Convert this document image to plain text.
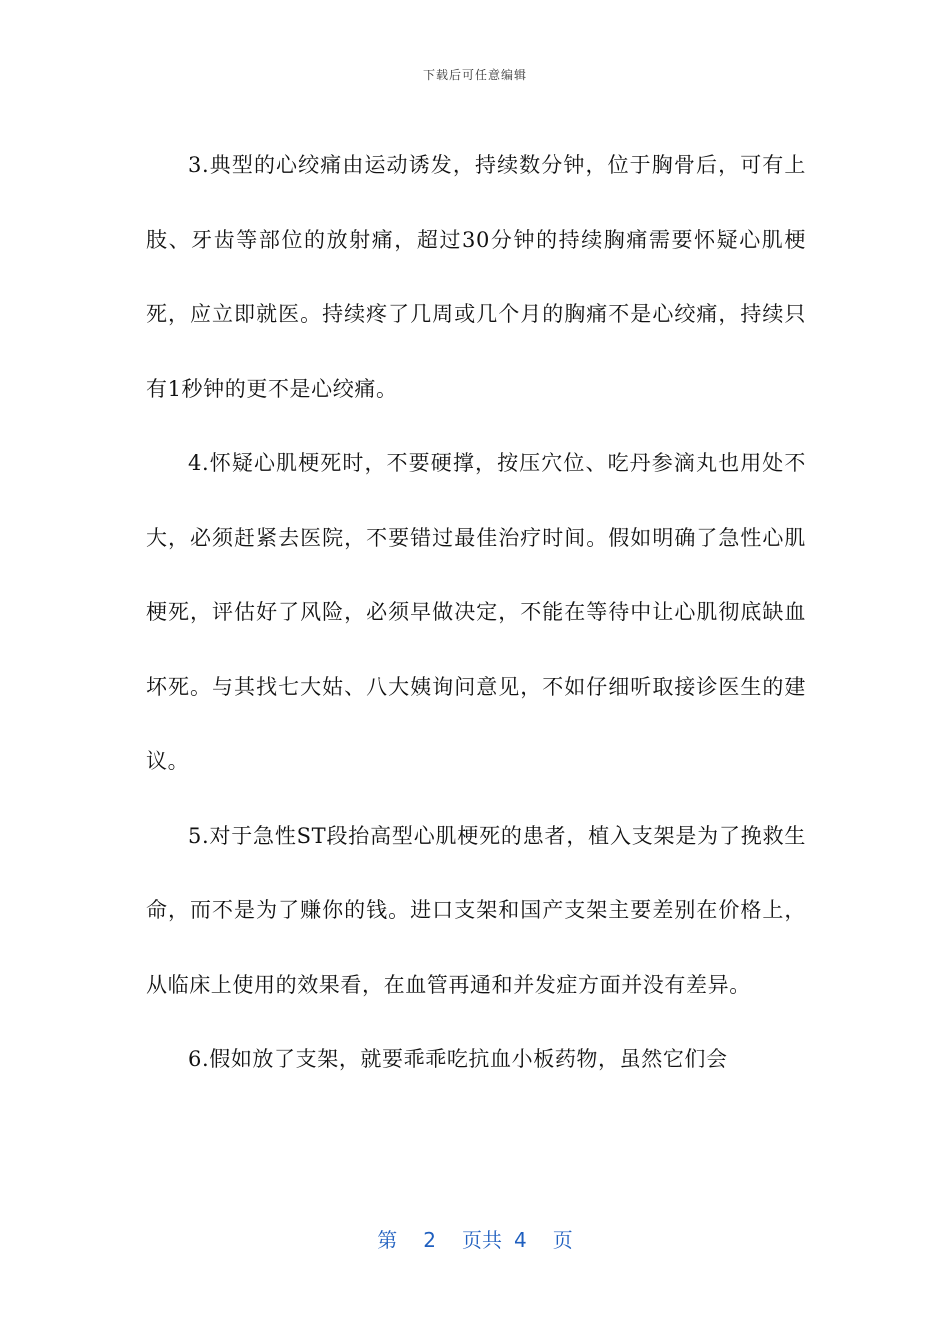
下载后可任意编辑

3.典型的心绞痛由运动诱发，持续数分钟，位于胸骨后，可有上肢、牙齿等部位的放射痛，超过30分钟的持续胸痛需要怀疑心肌梗死，应立即就医。持续疼了几周或几个月的胸痛不是心绞痛，持续只有1秒钟的更不是心绞痛。

4.怀疑心肌梗死时，不要硬撑，按压穴位、吃丹参滴丸也用处不大，必须赶紧去医院，不要错过最佳治疗时间。假如明确了急性心肌梗死，评估好了风险，必须早做决定，不能在等待中让心肌彻底缺血坏死。与其找七大姑、八大姨询问意见，不如仔细听取接诊医生的建议。

5.对于急性ST段抬高型心肌梗死的患者，植入支架是为了挽救生命，而不是为了赚你的钱。进口支架和国产支架主要差别在价格上，从临床上使用的效果看，在血管再通和并发症方面并没有差异。

6.假如放了支架，就要乖乖吃抗血小板药物，虽然它们会

第 2 页共 4 页
